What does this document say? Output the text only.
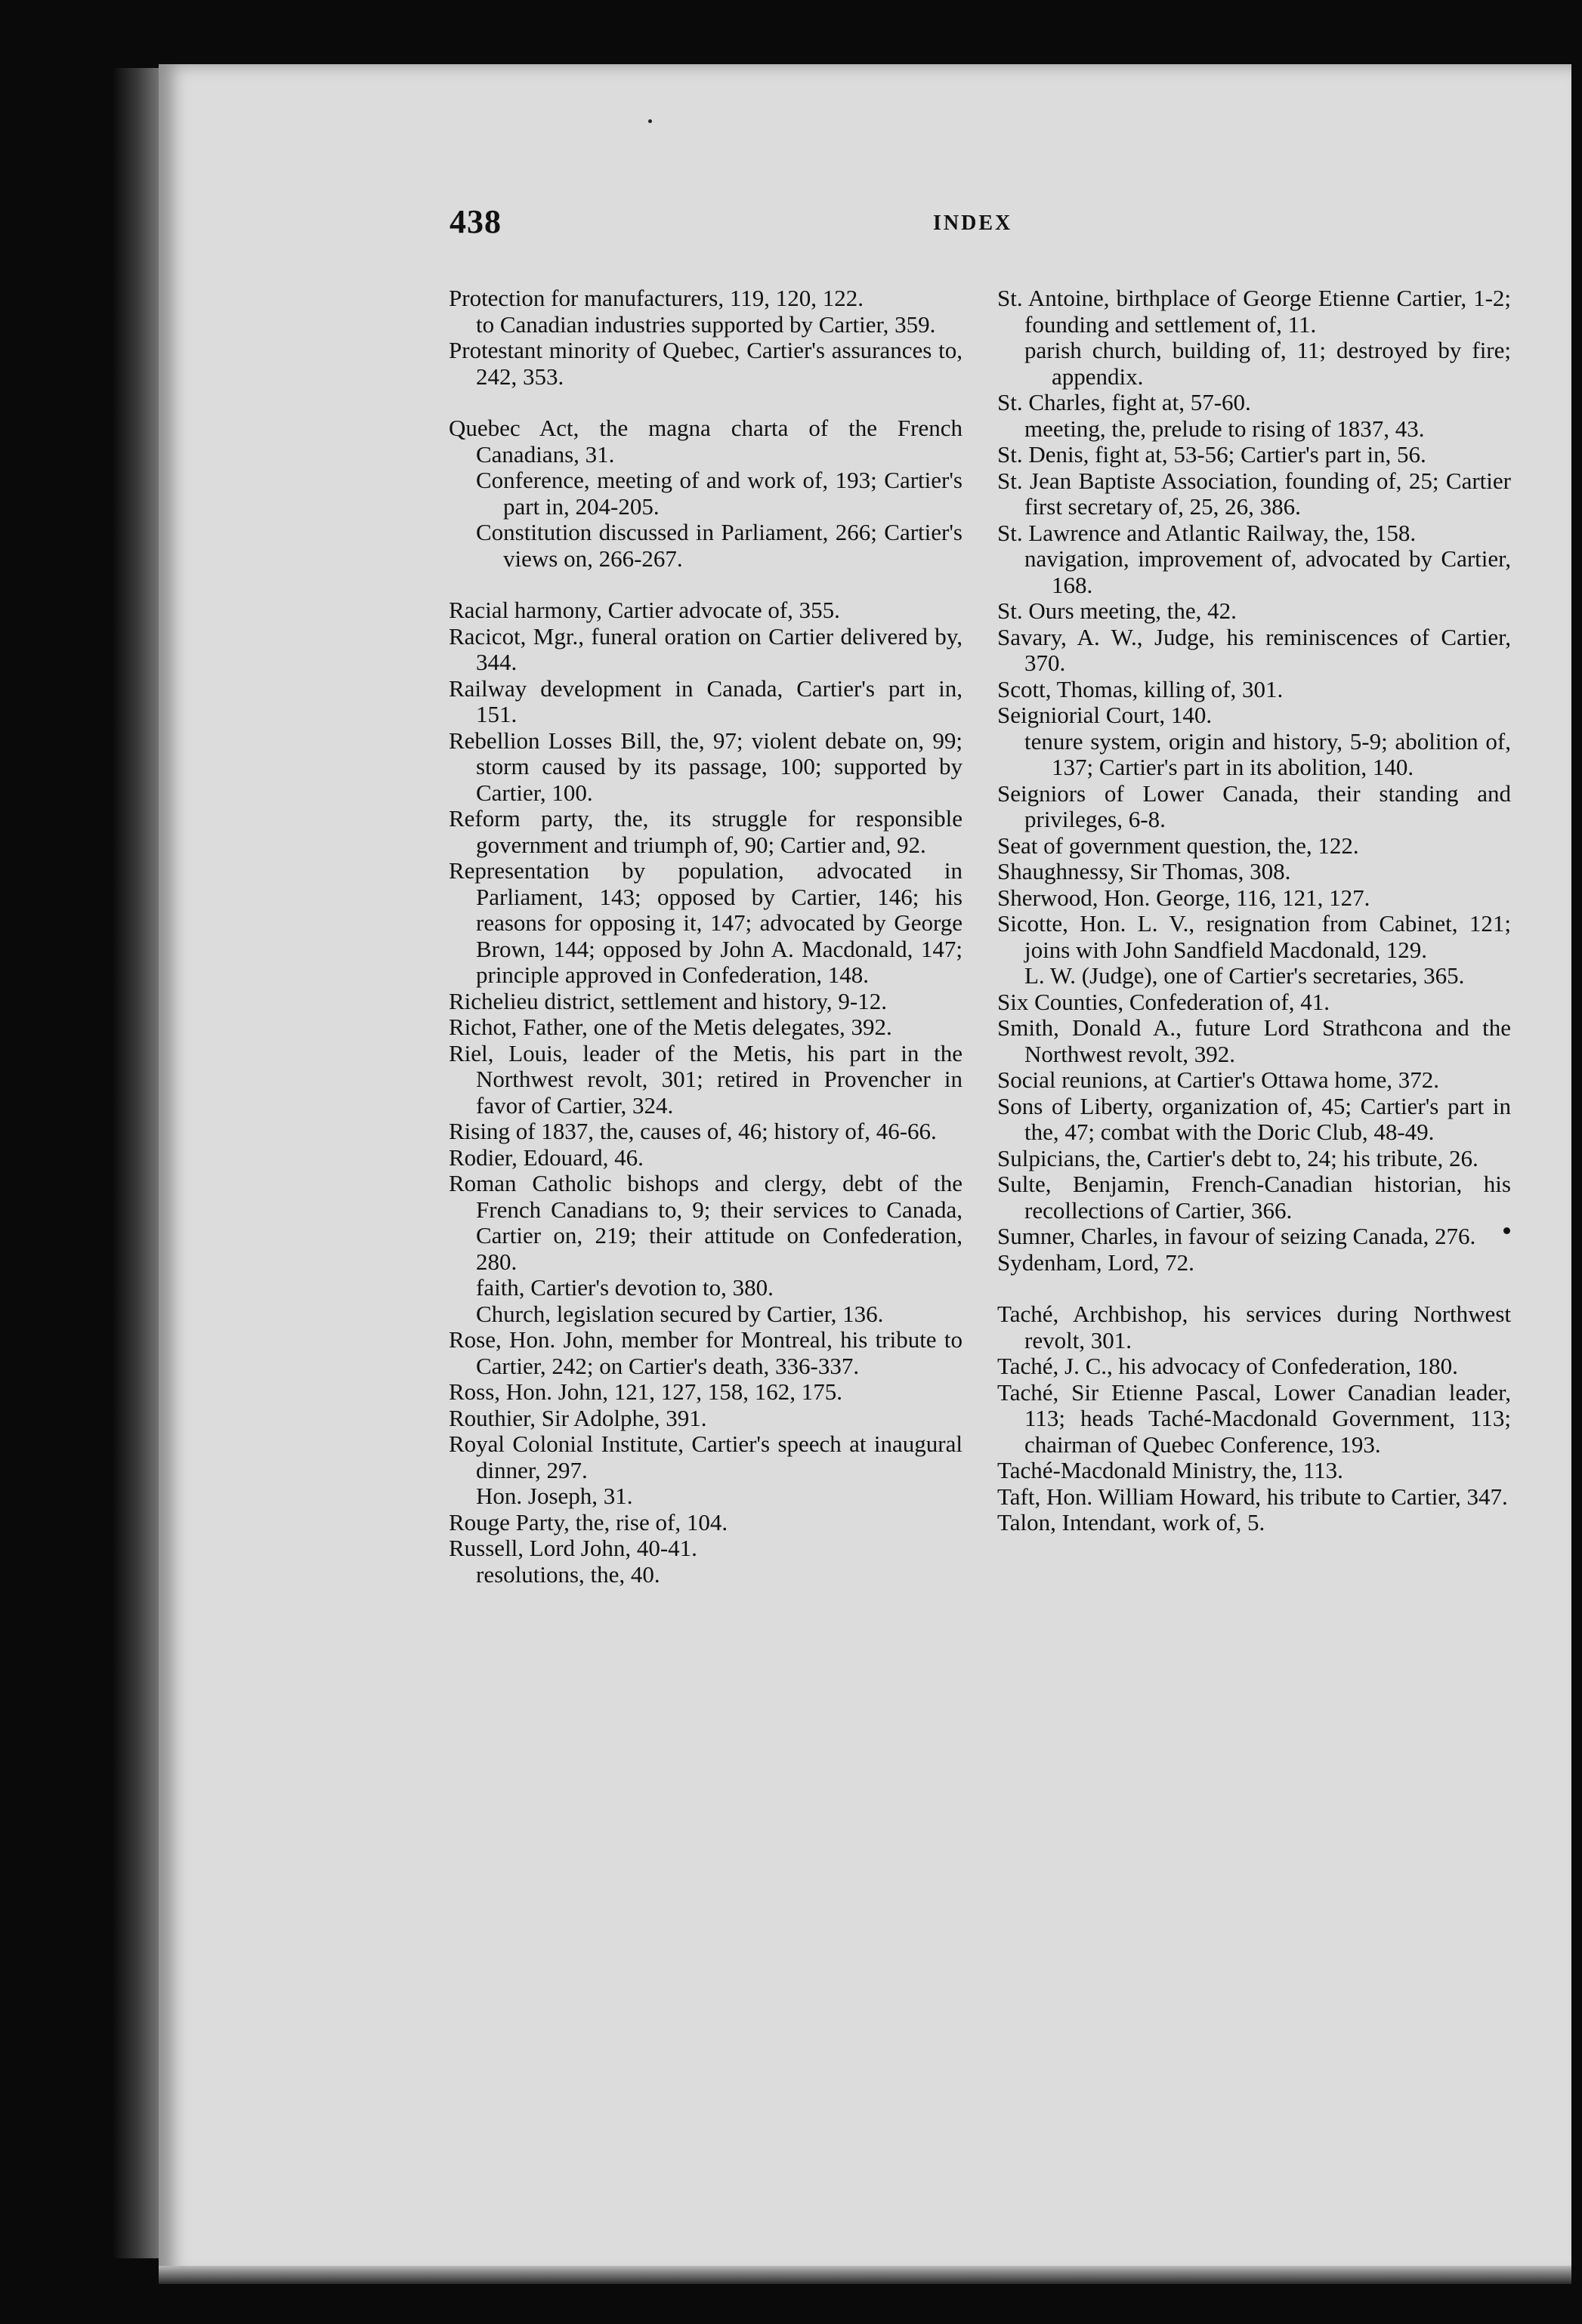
438	INDEX

Protection for manufacturers, 119, 120, 122.

to Canadian industries supported by Cartier, 359.

Protestant minority of Quebec, Cartier's assurances to, 242, 353.

Quebec Act, the magna charta of the French Canadians, 31.

Conference, meeting of and work of, 193; Cartier's part in, 204-205.

Constitution discussed in Parliament, 266; Cartier's views on, 266-267.

Racial harmony, Cartier advocate of, 355.

Racicot, Mgr., funeral oration on Cartier delivered by, 344.

Railway development in Canada, Cartier's part in, 151.

Rebellion Losses Bill, the, 97; violent debate on, 99; storm caused by its passage, 100; supported by Cartier, 100.

Reform party, the, its struggle for responsible government and triumph of, 90; Cartier and, 92.

Representation by population, advocated in Parliament, 143; opposed by Cartier, 146; his reasons for opposing it, 147; advocated by George Brown, 144; opposed by John A. Macdonald, 147; principle approved in Confederation, 148.

Richelieu district, settlement and history, 9-12.

Richot, Father, one of the Metis delegates, 392.

Riel, Louis, leader of the Metis, his part in the Northwest revolt, 301; retired in Provencher in favor of Cartier, 324.

Rising of 1837, the, causes of, 46; history of, 46-66.

Rodier, Edouard, 46.

Roman Catholic bishops and clergy, debt of the French Canadians to, 9; their services to Canada, Cartier on, 219; their attitude on Confederation, 280.

faith, Cartier's devotion to, 380.

Church, legislation secured by Cartier, 136.

Rose, Hon. John, member for Montreal, his tribute to Cartier, 242; on Cartier's death, 336-337.

Ross, Hon. John, 121, 127, 158, 162, 175.

Routhier, Sir Adolphe, 391.

Royal Colonial Institute, Cartier's speech at inaugural dinner, 297.

Hon. Joseph, 31.

Rouge Party, the, rise of, 104.

Russell, Lord John, 40-41.

resolutions, the, 40.

St. Antoine, birthplace of George Etienne Cartier, 1-2; founding and settlement of, 11.

parish church, building of, 11; destroyed by fire; appendix.

St. Charles, fight at, 57-60.

meeting, the, prelude to rising of 1837, 43.

St. Denis, fight at, 53-56; Cartier's part in, 56.

St. Jean Baptiste Association, founding of, 25; Cartier first secretary of, 25, 26, 386.

St. Lawrence and Atlantic Railway, the, 158.

navigation, improvement of, advocated by Cartier, 168.

St. Ours meeting, the, 42.

Savary, A. W., Judge, his reminiscences of Cartier, 370.

Scott, Thomas, killing of, 301.

Seigniorial Court, 140.

tenure system, origin and history, 5-9; abolition of, 137; Cartier's part in its abolition, 140.

Seigniors of Lower Canada, their standing and privileges, 6-8.

Seat of government question, the, 122.

Shaughnessy, Sir Thomas, 308.

Sherwood, Hon. George, 116, 121, 127.

Sicotte, Hon. L. V., resignation from Cabinet, 121; joins with John Sandfield Macdonald, 129.

L. W. (Judge), one of Cartier's secretaries, 365.

Six Counties, Confederation of, 41.

Smith, Donald A., future Lord Strathcona and the Northwest revolt, 392.

Social reunions, at Cartier's Ottawa home, 372.

Sons of Liberty, organization of, 45; Cartier's part in the, 47; combat with the Doric Club, 48-49.

Sulpicians, the, Cartier's debt to, 24; his tribute, 26.

Sulte, Benjamin, French-Canadian historian, his recollections of Cartier, 366.

Sumner, Charles, in favour of seizing Canada, 276.

Sydenham, Lord, 72.

Taché, Archbishop, his services during Northwest revolt, 301.

Taché, J. C., his advocacy of Confederation, 180.

Taché, Sir Etienne Pascal, Lower Canadian leader, 113; heads Taché-Macdonald Government, 113; chairman of Quebec Conference, 193.

Taché-Macdonald Ministry, the, 113.

Taft, Hon. William Howard, his tribute to Cartier, 347.

Talon, Intendant, work of, 5.
